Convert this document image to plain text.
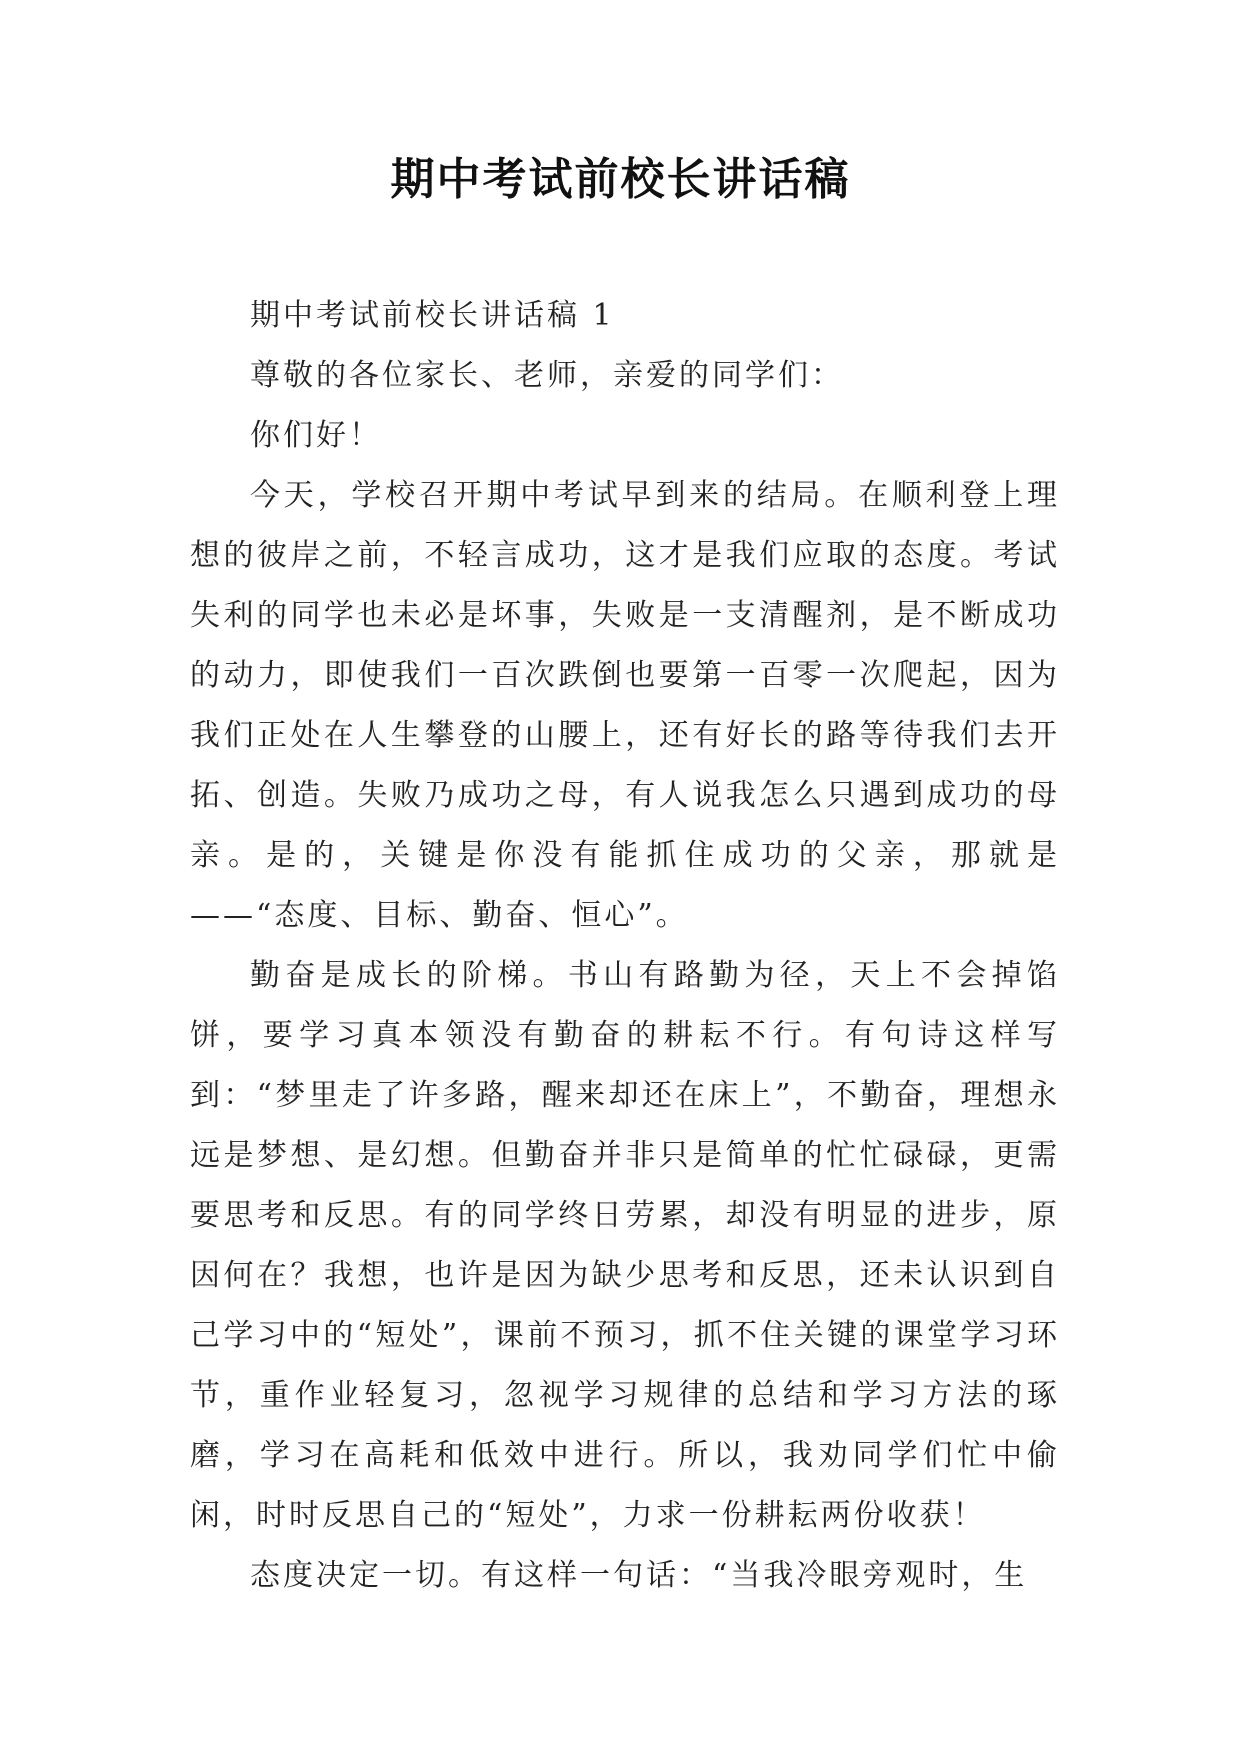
期中考试前校长讲话稿

期中考试前校长讲话稿 1

尊敬的各位家长、老师，亲爱的同学们：

你们好！

今天，学校召开期中考试早到来的结局。在顺利登上理想的彼岸之前，不轻言成功，这才是我们应取的态度。考试失利的同学也未必是坏事，失败是一支清醒剂，是不断成功的动力，即使我们一百次跌倒也要第一百零一次爬起，因为我们正处在人生攀登的山腰上，还有好长的路等待我们去开拓、创造。失败乃成功之母，有人说我怎么只遇到成功的母亲。是的，关键是你没有能抓住成功的父亲，那就是——“态度、目标、勤奋、恒心”。

勤奋是成长的阶梯。书山有路勤为径，天上不会掉馅饼，要学习真本领没有勤奋的耕耘不行。有句诗这样写到：“梦里走了许多路，醒来却还在床上”，不勤奋，理想永远是梦想、是幻想。但勤奋并非只是简单的忙忙碌碌，更需要思考和反思。有的同学终日劳累，却没有明显的进步，原因何在？我想，也许是因为缺少思考和反思，还未认识到自己学习中的“短处”，课前不预习，抓不住关键的课堂学习环节，重作业轻复习，忽视学习规律的总结和学习方法的琢磨，学习在高耗和低效中进行。所以，我劝同学们忙中偷闲，时时反思自己的“短处”，力求一份耕耘两份收获！

态度决定一切。有这样一句话：“当我冷眼旁观时，生
